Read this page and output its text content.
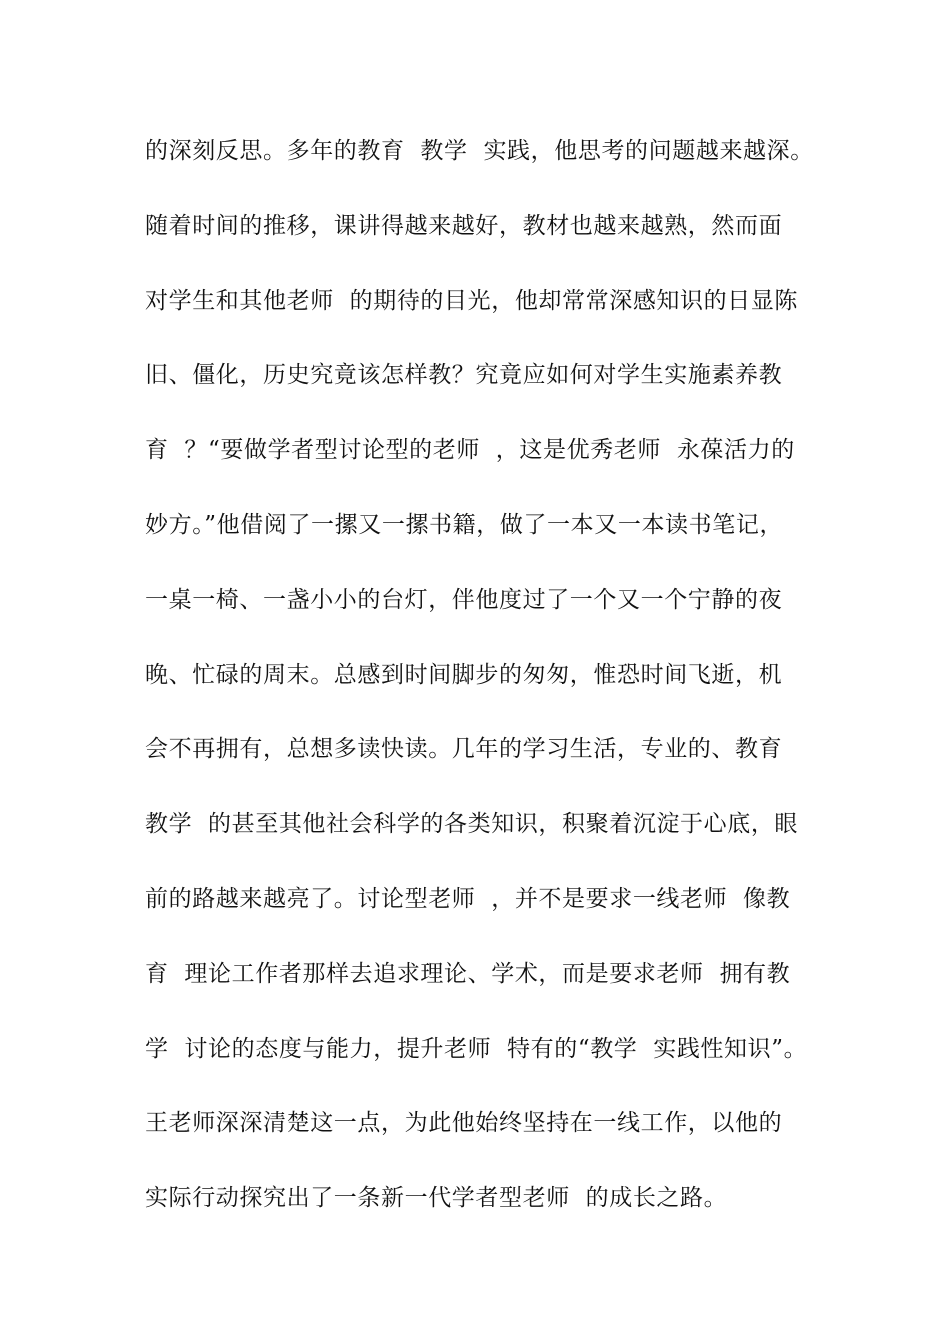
的深刻反思。多年的教育  教学  实践，他思考的问题越来越深。
随着时间的推移，课讲得越来越好，教材也越来越熟，然而面
对学生和其他老师  的期待的目光，他却常常深感知识的日显陈
旧、僵化，历史究竟该怎样教？究竟应如何对学生实施素养教
育  ？“要做学者型讨论型的老师  ，这是优秀老师  永葆活力的
妙方。”他借阅了一摞又一摞书籍，做了一本又一本读书笔记，
一桌一椅、一盏小小的台灯，伴他度过了一个又一个宁静的夜
晚、忙碌的周末。总感到时间脚步的匆匆，惟恐时间飞逝，机
会不再拥有，总想多读快读。几年的学习生活，专业的、教育
教学  的甚至其他社会科学的各类知识，积聚着沉淀于心底，眼
前的路越来越亮了。讨论型老师  ，并不是要求一线老师  像教
育  理论工作者那样去追求理论、学术，而是要求老师  拥有教
学  讨论的态度与能力，提升老师  特有的“教学  实践性知识”。
王老师深深清楚这一点，为此他始终坚持在一线工作，以他的
实际行动探究出了一条新一代学者型老师  的成长之路。
